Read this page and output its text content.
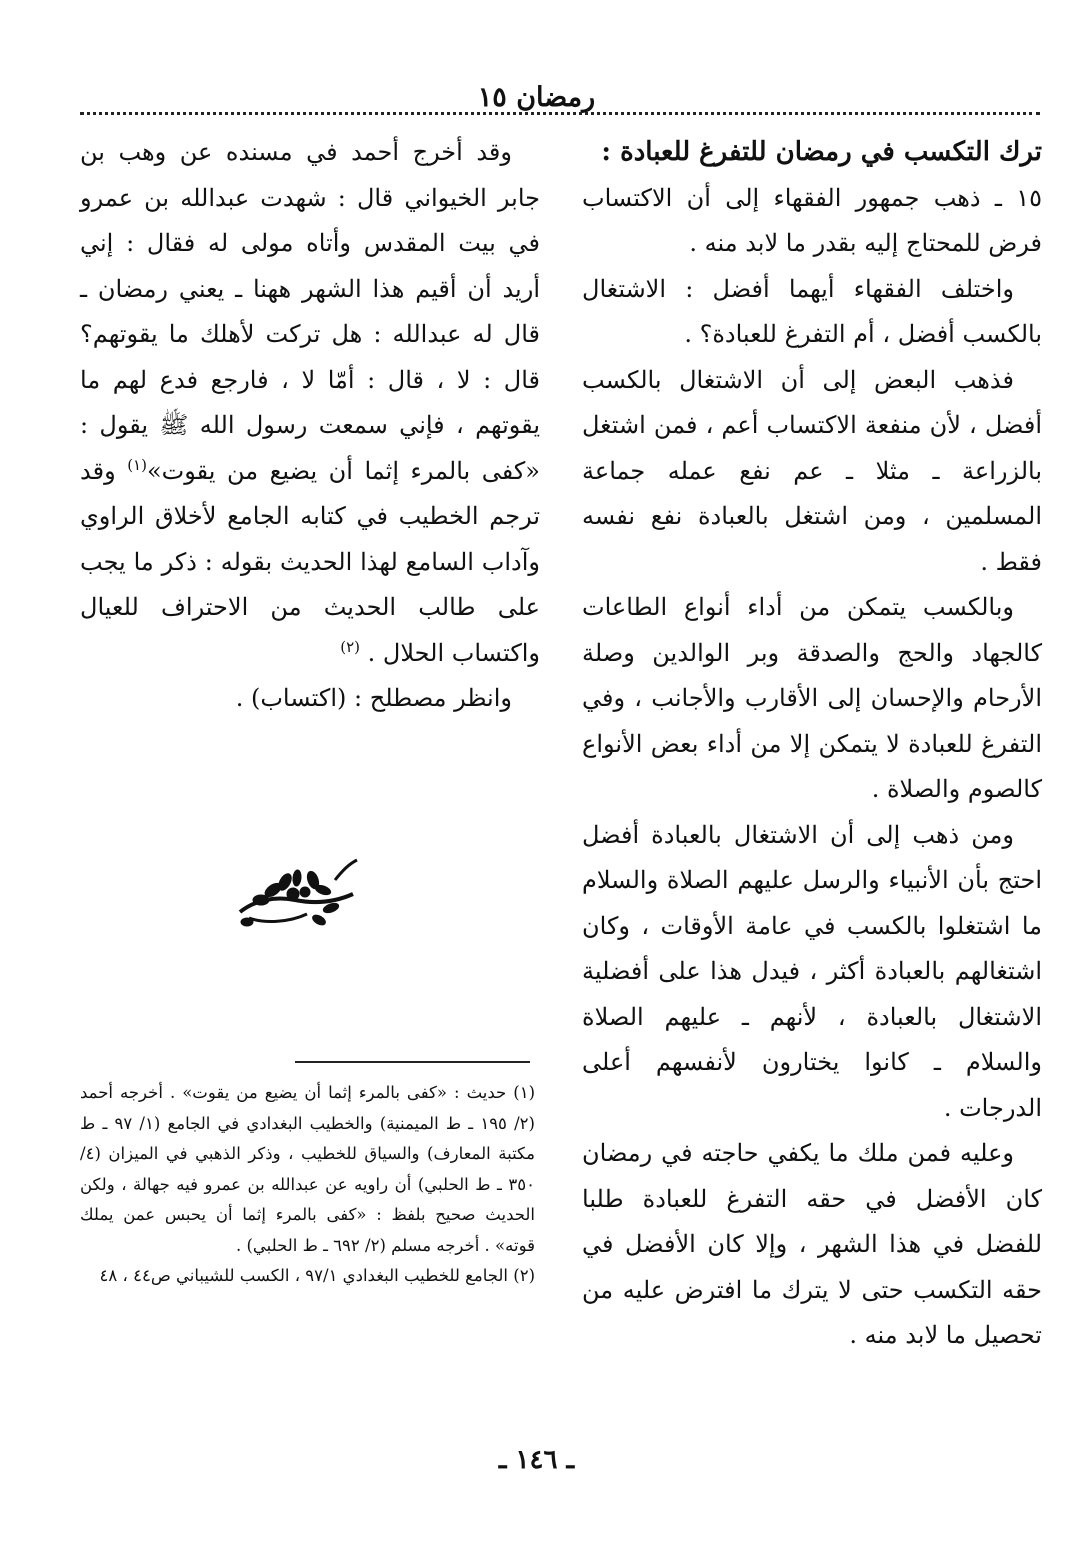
رمضان ١٥

ترك التكسب في رمضان للتفرغ للعبادة :

١٥ ـ ذهب جمهور الفقهاء إلى أن الاكتساب فرض للمحتاج إليه بقدر ما لابد منه .

واختلف الفقهاء أيهما أفضل : الاشتغال بالكسب أفضل ، أم التفرغ للعبادة؟ .

فذهب البعض إلى أن الاشتغال بالكسب أفضل ، لأن منفعة الاكتساب أعم ، فمن اشتغل بالزراعة ـ مثلا ـ عم نفع عمله جماعة المسلمين ، ومن اشتغل بالعبادة نفع نفسه فقط .

وبالكسب يتمكن من أداء أنواع الطاعات كالجهاد والحج والصدقة وبر الوالدين وصلة الأرحام والإحسان إلى الأقارب والأجانب ، وفي التفرغ للعبادة لا يتمكن إلا من أداء بعض الأنواع كالصوم والصلاة .

ومن ذهب إلى أن الاشتغال بالعبادة أفضل احتج بأن الأنبياء والرسل عليهم الصلاة والسلام ما اشتغلوا بالكسب في عامة الأوقات ، وكان اشتغالهم بالعبادة أكثر ، فيدل هذا على أفضلية الاشتغال بالعبادة ، لأنهم ـ عليهم الصلاة والسلام ـ كانوا يختارون لأنفسهم أعلى الدرجات .

وعليه فمن ملك ما يكفي حاجته في رمضان كان الأفضل في حقه التفرغ للعبادة طلبا للفضل في هذا الشهر ، وإلا كان الأفضل في حقه التكسب حتى لا يترك ما افترض عليه من تحصيل ما لابد منه .

وقد أخرج أحمد في مسنده عن وهب بن جابر الخيواني قال : شهدت عبدالله بن عمرو في بيت المقدس وأتاه مولى له فقال : إني أريد أن أقيم هذا الشهر ههنا ـ يعني رمضان ـ قال له عبدالله : هل تركت لأهلك ما يقوتهم؟ قال : لا ، قال : أمّا لا ، فارجع فدع لهم ما يقوتهم ، فإني سمعت رسول الله ﷺ يقول : «كفى بالمرء إثما أن يضيع من يقوت»$^{(١)}$ وقد ترجم الخطيب في كتابه الجامع لأخلاق الراوي وآداب السامع لهذا الحديث بقوله : ذكر ما يجب على طالب الحديث من الاحتراف للعيال واكتساب الحلال . $^{(٢)}$

وانظر مصطلح : (اكتساب) .

(١) حديث : «كفى بالمرء إثما أن يضيع من يقوت» . أخرجه أحمد (٢/ ١٩٥ ـ ط الميمنية) والخطيب البغدادي في الجامع (١/ ٩٧ ـ ط مكتبة المعارف) والسياق للخطيب ، وذكر الذهبي في الميزان (٤/ ٣٥٠ ـ ط الحلبي) أن راويه عن عبدالله بن عمرو فيه جهالة ، ولكن الحديث صحيح بلفظ : «كفى بالمرء إثما أن يحبس عمن يملك قوته» . أخرجه مسلم (٢/ ٦٩٢ ـ ط الحلبي) .

(٢) الجامع للخطيب البغدادي ٩٧/١ ، الكسب للشيباني ص٤٤ ، ٤٨

ـ ١٤٦ ـ
